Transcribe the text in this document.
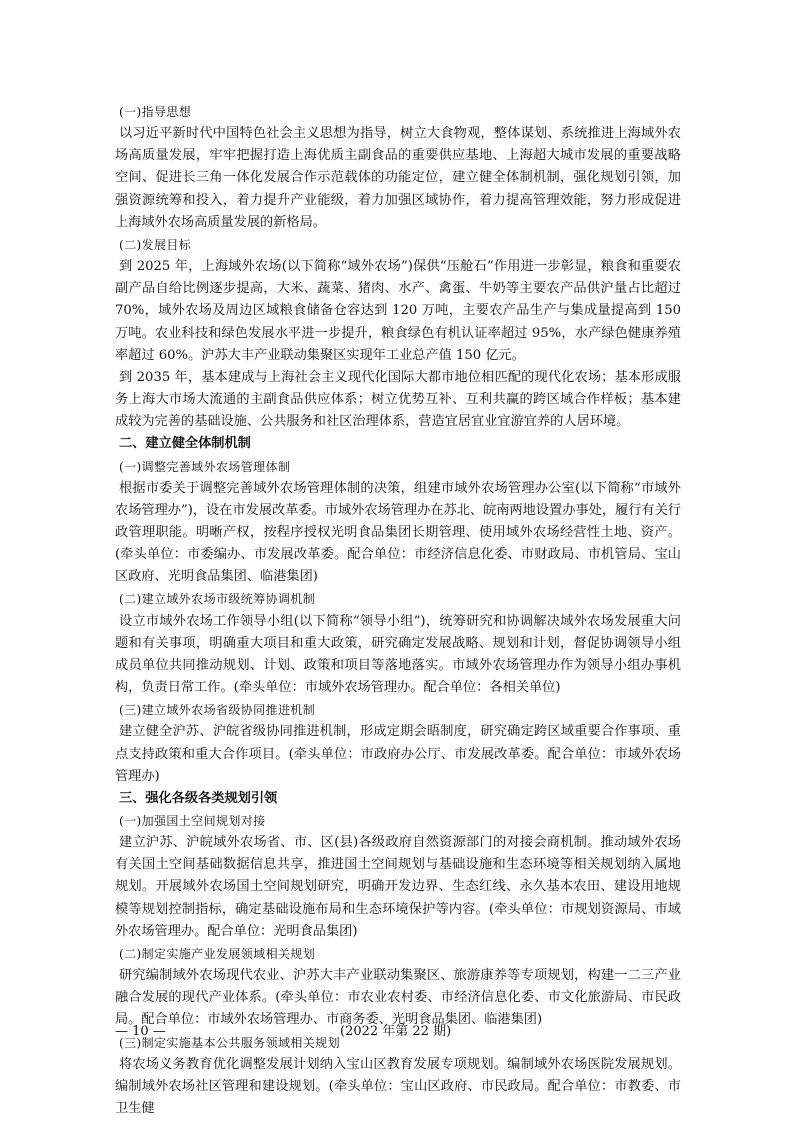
(一)指导思想

以习近平新时代中国特色社会主义思想为指导，树立大食物观，整体谋划、系统推进上海域外农场高质量发展，牢牢把握打造上海优质主副食品的重要供应基地、上海超大城市发展的重要战略空间、促进长三角一体化发展合作示范载体的功能定位，建立健全体制机制，强化规划引领，加强资源统筹和投入，着力提升产业能级，着力加强区域协作，着力提高管理效能，努力形成促进上海域外农场高质量发展的新格局。

(二)发展目标

到 2025 年，上海域外农场(以下简称“域外农场”)保供“压舱石”作用进一步彰显，粮食和重要农副产品自给比例逐步提高，大米、蔬菜、猪肉、水产、禽蛋、牛奶等主要农产品供沪量占比超过 70%，域外农场及周边区域粮食储备仓容达到 120 万吨，主要农产品生产与集成量提高到 150 万吨。农业科技和绿色发展水平进一步提升，粮食绿色有机认证率超过 95%，水产绿色健康养殖率超过 60%。沪苏大丰产业联动集聚区实现年工业总产值 150 亿元。

到 2035 年，基本建成与上海社会主义现代化国际大都市地位相匹配的现代化农场；基本形成服务上海大市场大流通的主副食品供应体系；树立优势互补、互利共赢的跨区域合作样板；基本建成较为完善的基础设施、公共服务和社区治理体系，营造宜居宜业宜游宜养的人居环境。

二、建立健全体制机制

(一)调整完善域外农场管理体制

根据市委关于调整完善域外农场管理体制的决策，组建市域外农场管理办公室(以下简称“市域外农场管理办”)，设在市发展改革委。市域外农场管理办在苏北、皖南两地设置办事处，履行有关行政管理职能。明晰产权，按程序授权光明食品集团长期管理、使用域外农场经营性土地、资产。(牵头单位：市委编办、市发展改革委。配合单位：市经济信息化委、市财政局、市机管局、宝山区政府、光明食品集团、临港集团)

(二)建立域外农场市级统筹协调机制

设立市域外农场工作领导小组(以下简称“领导小组”)，统筹研究和协调解决域外农场发展重大问题和有关事项，明确重大项目和重大政策，研究确定发展战略、规划和计划，督促协调领导小组成员单位共同推动规划、计划、政策和项目等落地落实。市域外农场管理办作为领导小组办事机构，负责日常工作。(牵头单位：市域外农场管理办。配合单位：各相关单位)

(三)建立域外农场省级协同推进机制

建立健全沪苏、沪皖省级协同推进机制，形成定期会晤制度，研究确定跨区域重要合作事项、重点支持政策和重大合作项目。(牵头单位：市政府办公厅、市发展改革委。配合单位：市域外农场管理办)

三、强化各级各类规划引领

(一)加强国土空间规划对接

建立沪苏、沪皖域外农场省、市、区(县)各级政府自然资源部门的对接会商机制。推动域外农场有关国土空间基础数据信息共享，推进国土空间规划与基础设施和生态环境等相关规划纳入属地规划。开展域外农场国土空间规划研究，明确开发边界、生态红线、永久基本农田、建设用地规模等规划控制指标，确定基础设施布局和生态环境保护等内容。(牵头单位：市规划资源局、市域外农场管理办。配合单位：光明食品集团)

(二)制定实施产业发展领域相关规划

研究编制域外农场现代农业、沪苏大丰产业联动集聚区、旅游康养等专项规划，构建一二三产业融合发展的现代产业体系。(牵头单位：市农业农村委、市经济信息化委、市文化旅游局、市民政局。配合单位：市域外农场管理办、市商务委、光明食品集团、临港集团)

(三)制定实施基本公共服务领域相关规划

将农场义务教育优化调整发展计划纳入宝山区教育发展专项规划。编制域外农场医院发展规划。编制域外农场社区管理和建设规划。(牵头单位：宝山区政府、市民政局。配合单位：市教委、市卫生健

— 10 —	(2022 年第 22 期)
